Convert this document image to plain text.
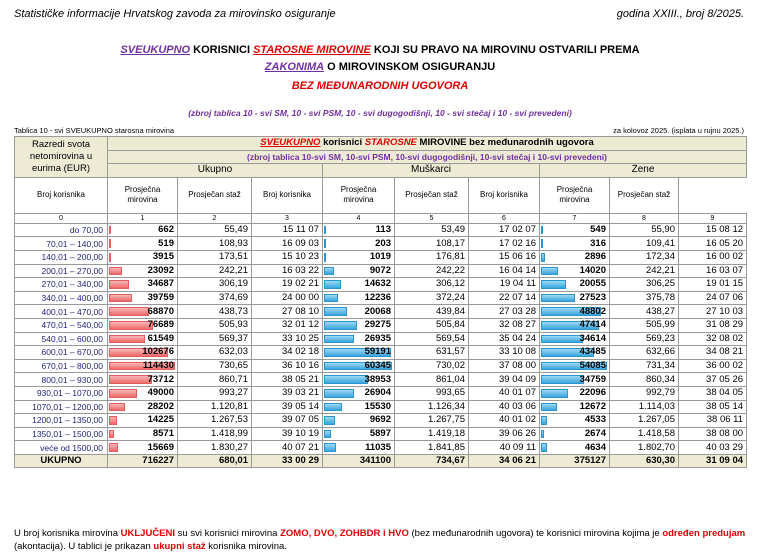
Statističke informacije Hrvatskog zavoda za mirovinsko osiguranje	godina XXIII., broj 8/2025.
SVEUKUPNO KORISNICI STAROSNE MIROVINE KOJI SU PRAVO NA MIROVINU OSTVARILI PREMA
ZAKONIMA O MIROVINSKOM OSIGURANJU
BEZ MEĐUNARODNIH UGOVORA
(zbroj tablica 10 - svi SM, 10 - svi PSM, 10 - svi dugogodišnji, 10 - svi stečaj i 10 - svi prevedeni)
Tablica 10 - svi SVEUKUPNO starosna mirovina	za kolovoz 2025. (isplata u rujnu 2025.)
Razredi svota netomirovina u eurima (EUR)	SVEUKUPNO korisnici STAROSNE MIROVINE bez međunarodnih ugovora								
	(zbroj tablica 10-svi SM, 10-svi PSM, 10-svi dugogodišnji, 10-svi stečaj i 10-svi prevedeni)								
	Ukupno			Muškarci			Žene		
Broj korisnika	Prosječna mirovina	Prosječan staž	Broj korisnika	Prosječna mirovina	Prosječan staž	Broj korisnika	Prosječna mirovina	Prosječan staž	
0	1	2	3	4	5	6	7	8	9
do 70,00	662	55,49	15 11 07	113	53,49	17 02 07	549	55,90	15 08 12
70,01 – 140,00	519	108,93	16 09 03	203	108,17	17 02 16	316	109,41	16 05 20
140,01 – 200,00	3915	173,51	15 10 23	1019	176,81	15 06 16	2896	172,34	16 00 02
200,01 – 270,00	23092	242,21	16 03 22	9072	242,22	16 04 14	14020	242,21	16 03 07
270,01 – 340,00	34687	306,19	19 02 21	14632	306,12	19 04 11	20055	306,25	19 01 15
340,01 – 400,00	39759	374,69	24 00 00	12236	372,24	22 07 14	27523	375,78	24 07 06
400,01 – 470,00	68870	438,73	27 08 10	20068	439,84	27 03 28	48802	438,27	27 10 03
470,01 – 540,00	76689	505,93	32 01 12	29275	505,84	32 08 27	47414	505,99	31 08 29
540,01 – 600,00	61549	569,37	33 10 25	26935	569,54	35 04 24	34614	569,23	32 08 02
600,01 – 670,00	102676	632,03	34 02 18	59191	631,57	33 10 08	43485	632,66	34 08 21
670,01 – 800,00	114430	730,65	36 10 16	60345	730,02	37 08 00	54085	731,34	36 00 02
800,01 – 930,00	73712	860,71	38 05 21	38953	861,04	39 04 09	34759	860,34	37 05 26
930,01 – 1070,00	49000	993,27	39 03 21	26904	993,65	40 01 07	22096	992,79	38 04 05
1070,01 – 1200,00	28202	1.120,81	39 05 14	15530	1.126,34	40 03 06	12672	1.114,03	38 05 14
1200,01 – 1350,00	14225	1.267,53	39 07 05	9692	1.267,75	40 01 02	4533	1.267,05	38 06 11
1350,01 – 1500,00	8571	1.418,99	39 10 19	5897	1.419,18	39 06 26	2674	1.418,58	38 08 00
veće od 1500,00	15669	1.830,27	40 07 21	11035	1.841,85	40 09 11	4634	1.802,70	40 03 29
UKUPNO	716227	680,01	33 00 29	341100	734,67	34 06 21	375127	630,30	31 09 04
U broj korisnika mirovina UKLJUČENI su svi korisnici mirovina ZOMO, DVO, ZOHBDR i HVO (bez međunarodnih ugovora) te korisnici mirovina kojima je određen predujam
(akontacija). U tablici je prikazan ukupni staž korisnika mirovina.
